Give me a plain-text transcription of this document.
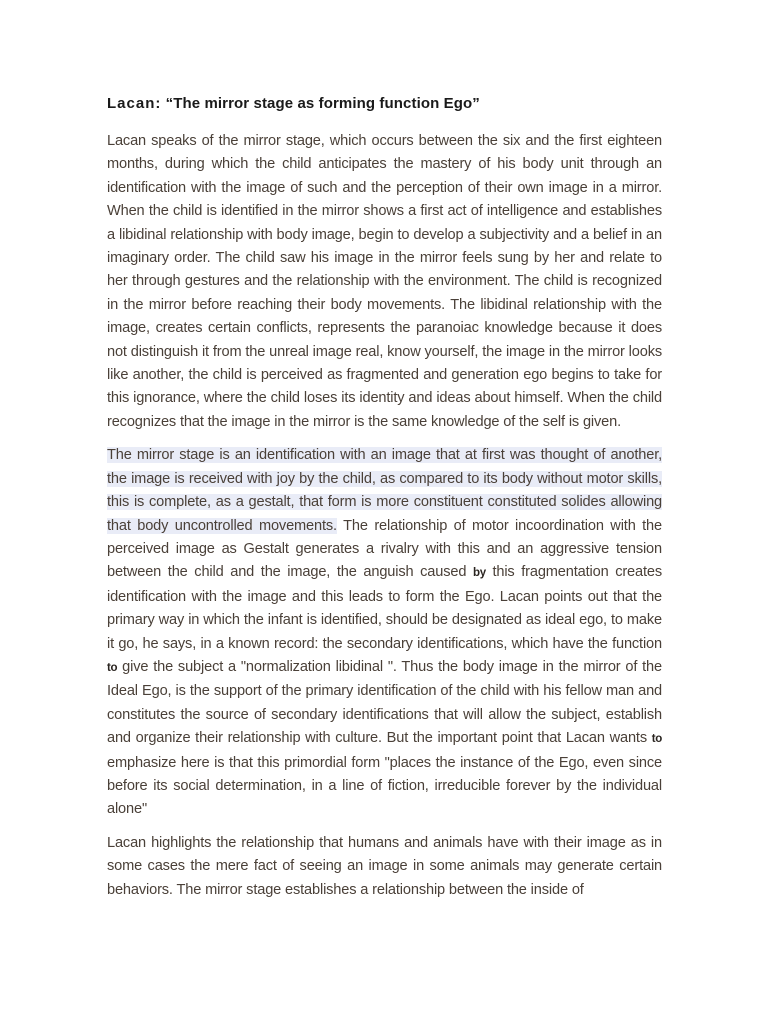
Lacan: “The mirror stage as forming function Ego”

Lacan speaks of the mirror stage, which occurs between the six and the first eighteen months, during which the child anticipates the mastery of his body unit through an identification with the image of such and the perception of their own image in a mirror. When the child is identified in the mirror shows a first act of intelligence and establishes a libidinal relationship with body image, begin to develop a subjectivity and a belief in an imaginary order. The child saw his image in the mirror feels sung by her and relate to her through gestures and the relationship with the environment. The child is recognized in the mirror before reaching their body movements. The libidinal relationship with the image, creates certain conflicts, represents the paranoiac knowledge because it does not distinguish it from the unreal image real, know yourself, the image in the mirror looks like another, the child is perceived as fragmented and generation ego begins to take for this ignorance, where the child loses its identity and ideas about himself. When the child recognizes that the image in the mirror is the same knowledge of the self is given.

The mirror stage is an identification with an image that at first was thought of another, the image is received with joy by the child, as compared to its body without motor skills, this is complete, as a gestalt, that form is more constituent constituted solides allowing that body uncontrolled movements. The relationship of motor incoordination with the perceived image as Gestalt generates a rivalry with this and an aggressive tension between the child and the image, the anguish caused by this fragmentation creates identification with the image and this leads to form the Ego. Lacan points out that the primary way in which the infant is identified, should be designated as ideal ego, to make it go, he says, in a known record: the secondary identifications, which have the function to give the subject a "normalization libidinal ". Thus the body image in the mirror of the Ideal Ego, is the support of the primary identification of the child with his fellow man and constitutes the source of secondary identifications that will allow the subject, establish and organize their relationship with culture. But the important point that Lacan wants to emphasize here is that this primordial form "places the instance of the Ego, even since before its social determination, in a line of fiction, irreducible forever by the individual alone"

Lacan highlights the relationship that humans and animals have with their image as in some cases the mere fact of seeing an image in some animals may generate certain behaviors. The mirror stage establishes a relationship between the inside of
